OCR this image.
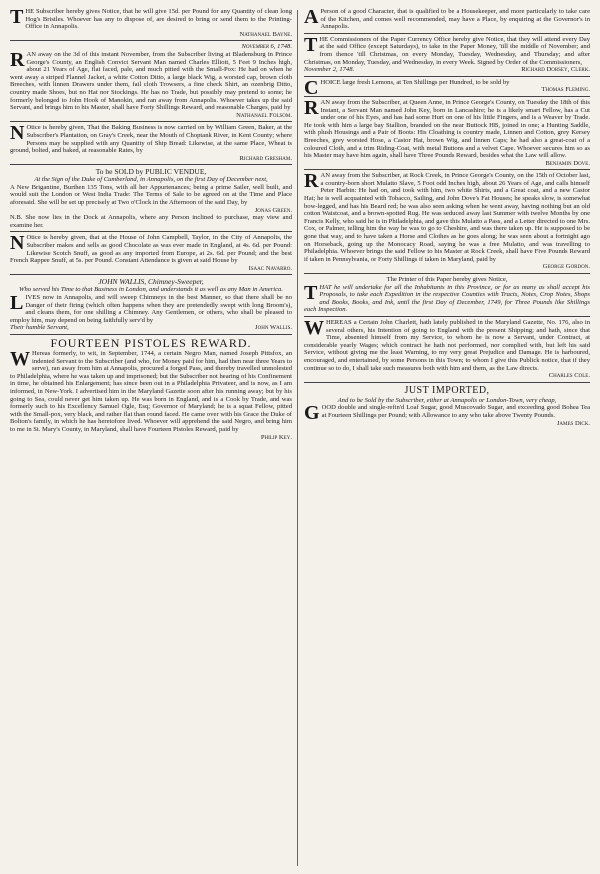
THE Subscriber hereby gives Notice, that he will give 15d. per Pound for any Quantity of clean long Hog's Bristles. Whoever has any to dispose of, are desired to bring or send them to the Printing-Office in Annapolis.

Nathanael Bayne.
November 6, 1748.

RAN away on the 3d of this instant November, from the Subscriber living at Bladensburg in Prince George's County, an English Convict Servant Man named Charles Elliott, 5 Feet 9 Inches high, about 21 Years of Age, flat faced, pale, and much pitted with the Small-Pox: He had on when he went away a striped Flannel Jacket, a white Cotton Ditto, a large black Wig, a worsted cap, brown cloth Breeches, with linnen Drawers under them, fail cloth Trowsers, a fine check Shirt, an ozenbrig Ditto, country made Shoes, but no Hat nor Stockings. He has no Trade, but possibly may pretend to some; he formerly belonged to John Hook of Manokin, and ran away from Annapolis. Whoever takes up the said Servant, and brings him to his Master, shall have Forty Shillings Reward, and reasonable Charges, paid by

Nathanael Folsom.

N Otice is hereby given, That the Baking Business is now carried on by William Green, Baker, at the Subscriber's Plantation, on Gray's Creek, near the Mouth of Choptank River, in Kent County; where Persons may be supplied with any Quantity of Ship Bread: Likewise, at the same Place, Wheat is ground, bolted, and baked, at reasonable Rates, by

Richard Gresham.
To be SOLD by PUBLIC VENDUE,
At the Sign of the Duke of Cumberland, in Annapolis, on the first Day of December next,

A New Brigantine, Burthen 135 Tons, with all her Appurtenances; being a prime Sailer, well built, and would suit the London or West India Trade: The Terms of Sale to be agreed on at the Time and Place aforesaid. She will be set up precisely at Two o'Clock in the Afternoon of the said Day, by

Jonas Green.

N.B. She now lies in the Dock at Annapolis, where any Person inclined to purchase, may view and examine her.

N Otice is hereby given, that at the House of John Campbell, Taylor, in the City of Annapolis, the Subscriber makes and sells as good Chocolate as was ever made in England, at 4s. 6d. per Pound: Likewise Scotch Snuff, as good as any imported from Europe, at 2s. 6d. per Pound; and the best French Rappee Snuff, at 5s. per Pound. Constant Attendance is given at said House by

Isaac Navarro.
JOHN WALLIS, Chimney-Sweeper,
Who served his Time to that Business in London, and understands it as well as any Man in America.

LIVES now in Annapolis, and will sweep Chimneys in the best Manner, so that there shall be no Danger of their firing (which often happens when they are pretendedly swept with long Broom's), and cleans them, for one shilling a Chimney. Any Gentlemen, or others, who shall be pleased to employ him, may depend on being faithfully serv'd by

Their humble Servant,	John Wallis.
FOURTEEN PISTOLES REWARD.

W Hereas formerly, to wit, in September, 1744, a certain Negro Man, named Joseph Pittsfox, an indented Servant to the Subscriber (and who, for Money paid for him, had then near three Years to serve), ran away from him at Annapolis, procured a forged Pass, and thereby travelled unmolested to Philadelphia, where he was taken up and imprisoned; but the Subscriber not hearing of his Confinement in time, he obtained his Enlargement; has since been out in a Philadelphia Privateer, and is now, as I am informed, in New-York. I advertised him in the Maryland Gazette soon after his running away; but by his going to Sea, could never get him taken up. He was born in England, and is a Cook by Trade, and was formerly such to his Excellency Samuel Ogle, Esq; Governor of Maryland; he is a squat Fellow, pitted with the Small-pox, very black, and rather flat than round faced. He came over with his Grace the Duke of Bolton's family, in which he has heretofore lived. Whoever will apprehend the said Negro, and bring him to me in St. Mary's County, in Maryland, shall have Fourteen Pistoles Reward, paid by

Philip Key.

A Person of a good Character, that is qualified to be a Housekeeper, and more particularly to take care of the Kitchen, and comes well recommended, may have a Place, by enquiring at the Governor's in Annapolis.

THE Commissioners of the Paper Currency Office hereby give Notice, that they will attend every Day at the said Office (except Saturdays), to take in the Paper Money, 'till the middle of November; and from thence 'till Christmas, on every Monday, Tuesday, Wednesday, and Thursday; and after Christmas, on Monday, Tuesday, and Wednesday, in every Week. Signed by Order of the Commissioners,

November 2, 1748.	Richard Dorsey, Clerk.

CHOICE large fresh Lemons, at Ten Shillings per Hundred, to be sold by

Thomas Fleming.

RAN away from the Subscriber, at Queen Anne, in Prince George's County, on Tuesday the 18th of this Instant, a Servant Man named John Key, born in Lancashire; he is a likely smart Fellow, has a Cut under one of his Eyes, and has had some Hurt on one of his little Fingers, and is a Weaver by Trade. He took with him a large bay Stallion, branded on the near Buttock HB, joined in one; a Hunting Saddle, with plush Housings and a Pair of Boots: His Cloathing is country made, Linnen and Cotton, grey Kersey Breeches, grey worsted Hose, a Castor Hat, brown Wig, and linnen Caps; he had also a great-coat of a coloured Cloth, and a trim Riding-Coat, with metal Buttons and a velvet Cape. Whoever secures him so as his Master may have him again, shall have Three Pounds Reward, besides what the Law will allow.

Benjamin Dove.

RAN away from the Subscriber, at Rock Creek, in Prince George's County, on the 15th of October last, a country-born short Mulatto Slave, 5 Foot odd Inches high, about 26 Years of Age, and calls himself Peter Harbin: He had on, and took with him, two white Shirts, and a Great coat, and a new Castor Hat; he is well acquainted with Tobacco, Sailing, and John Dove's Fat Houses; he speaks slow, is somewhat bow-legged, and has his Beard red; he was also seen asking when he went away, having nothing but an old cotton Waistcoat, and a brown-spotted Rug. He was seduced away last Summer with twelve Months by one Francis Kelly, who said he is in Philadelphia, and gave this Mulatto a Pass, and a Letter directed to one Mrs. Cox, or Palmer, telling him the way he was to go to Cheshire, and was there taken up. He is supposed to be gone that way, and to have taken a Horse and Clothes as he goes along; he was seen about a fortnight ago on Horseback, going up the Monocacy Road, saying he was a free Mulatto, and was travelling to Philadelphia. Whoever brings the said Fellow to his Master at Rock Creek, shall have Five Pounds Reward if taken in Pennsylvania, or Forty Shillings if taken in Maryland, paid by

George Gordon.
The Printer of this Paper hereby gives Notice,

THAT he will undertake for all the Inhabitants in this Province, or for as many as shall accept his Proposals, to take each Expedition in the respective Counties with Tracts, Notes, Crop Notes, Shops and Books, Books, and Ink, until the first Day of December, 1749, for Three Pounds like Shillings each Inspection.

WHEREAS a Certain John Charlett, hath lately published in the Maryland Gazette, No. 176, also in several others, his Intention of going to England with the present Shipping; and hath, since that Time, absented himself from my Service, to whom he is now a Servant, under Contract, at considerable yearly Wages; which contract he hath not performed, nor complied with, but left his said Service, without giving me the least Warning, to my very great Prejudice and Damage. He is harboured, encouraged, and entertained, by some Persons in this Town; to whom I give this Publick notice, that if they continue so to do, I shall take such measures both with him and them, as the Law directs.

Charles Cole.
JUST IMPORTED,
And to be Sold by the Subscriber, either at Annapolis or London-Town, very cheap,

GOOD double and single-refin'd Loaf Sugar, good Muscovado Sugar, and exceeding good Bohea Tea at Fourteen Shillings per Pound; with Allowance to any who take above Twenty Pounds.

James Dick.
